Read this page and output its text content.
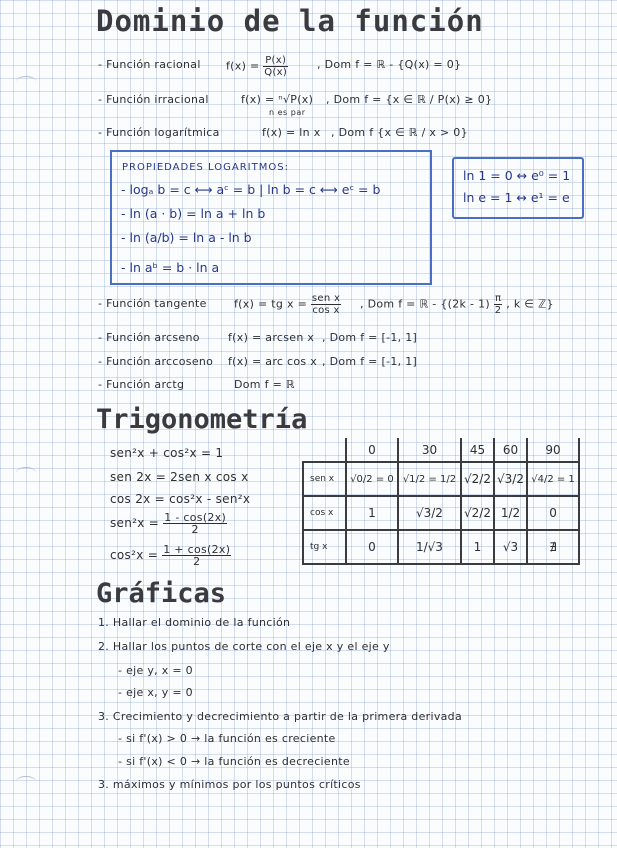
Dominio de la función
- Función racional $f(x) = \frac{P(x)}{Q(x)}$	, Dom f = ℝ - {Q(x) = 0}
- Función irracional	f(x) = ⁿ√P(x)
n es par
, Dom f = {x ∈ ℝ / P(x) ≥ 0}
- Función logarítmica	f(x) = ln x , Dom f {x ∈ ℝ / x > 0}
PROPIEDADES LOGARITMOS:
- logₐ b = c ⟷ aᶜ = b | ln b = c ⟷ eᶜ = b
- ln (a · b) = ln a + ln b
- ln (a/b) = ln a - ln b
- ln aᵇ = b · ln a
ln 1 = 0 ↔ e⁰ = 1
ln e = 1 ↔ e¹ = e
- Función tangente f(x) = tg $x = \frac{\text{sen x}}{\text{cos x}}$ , Dom f = ℝ - {$(2k - 1) \frac{\pi}{2}$ , k ∈ ℤ}
- Función arcseno	f(x) = arcsen x , Dom f = [-1, 1]
- Función arccoseno f(x) = arc cos x , Dom f = [-1, 1]
- Función arctg	Dom f = ℝ
Trigonometría
sen²x + cos²x = 1
sen 2x = 2sen x cos x
cos 2x = cos²x - sen²x
$sen^2x = \frac{1 - \cos(2x)}{2}$
$\cos^2x = \frac{1 + \cos(2x)}{2}$
	0	30	45	60	90
sen x	√0/2 = 0	√1/2 = 1/2	√2/2	√3/2	√4/2 = 1
cos x	1	√3/2	√2/2	1/2	0
tg x	0	1/√3	1	√3	∄
Gráficas
1. Hallar el dominio de la función
2. Hallar los puntos de corte con el eje x y el eje y
- eje y, x = 0
- eje x, y = 0
3. Crecimiento y decrecimiento a partir de la primera derivada
- si f'(x) > 0 → la función es creciente
- si f'(x) < 0 → la función es decreciente
3. máximos y mínimos por los puntos críticos
